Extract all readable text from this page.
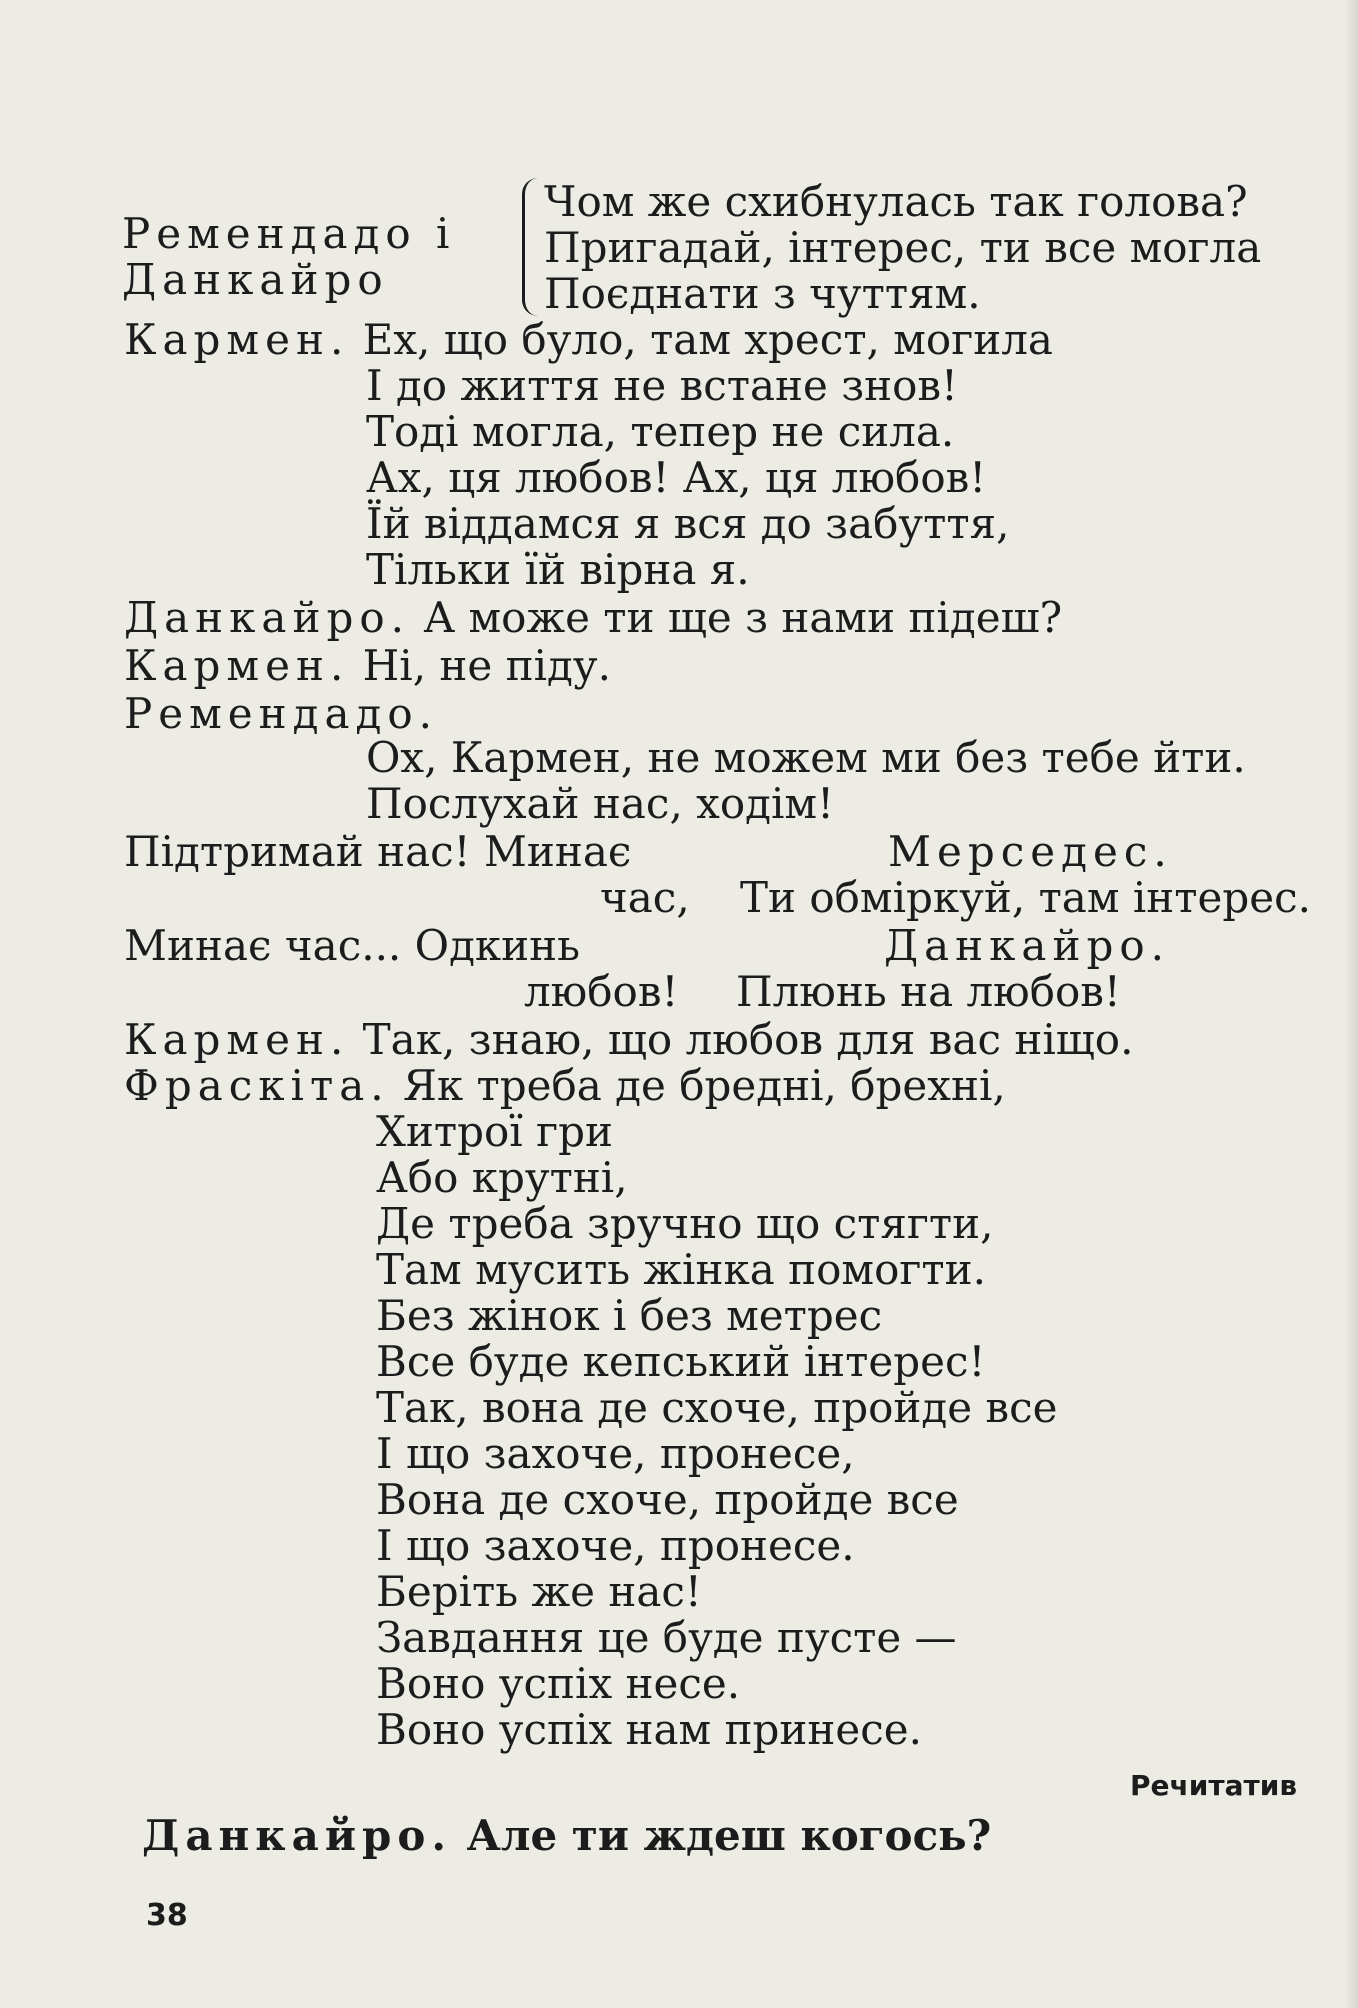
Ремендадо і
Данкайро
Чом же схибнулась так голова?
Пригадай, інтерес, ти все могла
Поєднати з чуттям.
Кармен. Ех, що було, там хрест, могила
І до життя не встане знов!
Тоді могла, тепер не сила.
Ах, ця любов! Ах, ця любов!
Їй віддамся я вся до забуття,
Тільки їй вірна я.
Данкайро. А може ти ще з нами підеш?
Кармен. Ні, не піду.
Ремендадо.
Ох, Кармен, не можем ми без тебе йти.
Послухай нас, ходім!
Підтримай нас! Минає	Мерседес.
час, Ти обміркуй, там інтерес.
Минає час... Одкинь	Данкайро.
любов! Плюнь на любов!
Кармен. Так, знаю, що любов для вас ніщо.
Фраскіта. Як треба де бредні, брехні,
Хитрої гри
Або крутні,
Де треба зручно що стягти,
Там мусить жінка помогти.
Без жінок і без метрес
Все буде кепський інтерес!
Так, вона де схоче, пройде все
І що захоче, пронесе,
Вона де схоче, пройде все
І що захоче, пронесе.
Беріть же нас!
Завдання це буде пусте —
Воно успіх несе.
Воно успіх нам принесе.
Речитатив
Данкайро. Але ти ждеш когось?
38
